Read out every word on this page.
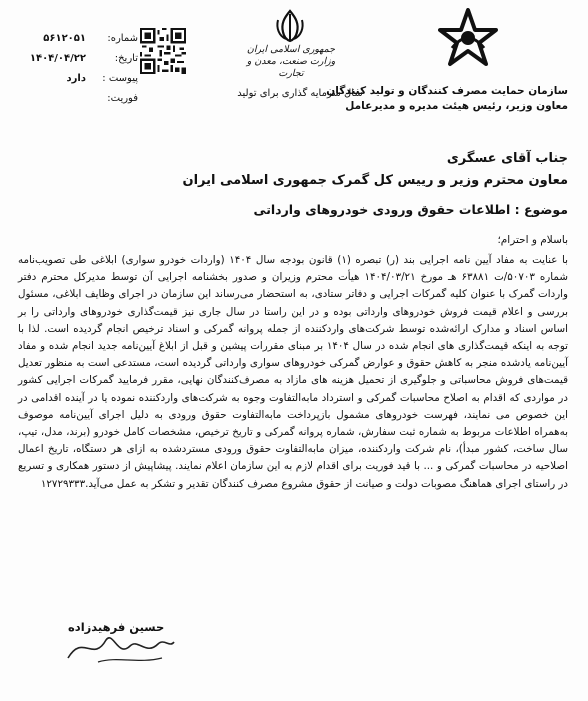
سازمان حمایت مصرف کنندگان و تولید کنندگان
معاون وزیر، رئیس هیئت مدیره و مدیرعامل
جمهوری اسلامی ایران
وزارت صنعت، معدن و تجارت
سال سرمایه گذاری برای تولید
شماره:
۵۶۱۲۰۵۱
تاریخ:
۱۴۰۴/۰۴/۲۲
پیوست :
دارد
فوریت:
جناب آقای عسگری
معاون محترم وزیر و رییس کل گمرک جمهوری اسلامی ایران
موضوع : اطلاعات حقوق ورودی خودروهای وارداتی
باسلام و احترام؛
با عنایت به مفاد آیین نامه اجرایی بند (ر) تبصره (۱) قانون بودجه سال ۱۴۰۴ (واردات خودرو سواری) ابلاغی طی تصویب‌نامه شماره ۵۰۷۰۳/ت ۶۳۸۸۱ هـ مورخ ۱۴۰۴/۰۳/۲۱ هیأت محترم وزیران و صدور بخشنامه اجرایی آن توسط مدیرکل محترم دفتر واردات گمرک با عنوان کلیه گمرکات اجرایی و دفاتر ستادی، به استحضار می‌رساند این سازمان در اجرای وظایف ابلاغی، مسئول بررسی و اعلام قیمت فروش خودروهای وارداتی بوده و در این راستا در سال جاری نیز قیمت‌گذاری خودروهای وارداتی را بر اساس اسناد و مدارک ارائه‌شده توسط شرکت‌های واردکننده از جمله پروانه گمرکی و اسناد ترخیص انجام گردیده است. لذا با توجه به اینکه قیمت‌گذاری های انجام شده در سال ۱۴۰۴ بر مبنای مقررات پیشین و قبل از ابلاغ آیین‌نامه جدید انجام شده و مفاد آیین‌نامه یادشده منجر به کاهش حقوق و عوارض گمرکی خودروهای سواری وارداتی گردیده است، مستدعی است به منظور تعدیل قیمت‌های فروش محاسباتی و جلوگیری از تحمیل هزینه های مازاد به مصرف‌کنندگان نهایی، مقرر فرمایید گمرکات اجرایی کشور در مواردی که اقدام به اصلاح محاسبات گمرکی و استرداد مابه‌التفاوت وجوه به شرکت‌های واردکننده نموده یا در آینده اقدامی در این خصوص می نمایند، فهرست خودروهای مشمول بازپرداخت مابه‌التفاوت حقوق ورودی به دلیل اجرای آیین‌نامه موصوف به‌همراه اطلاعات مربوط به شماره ثبت سفارش، شماره پروانه گمرکی و تاریخ ترخیص، مشخصات کامل خودرو (برند، مدل، تیپ، سال ساخت، کشور مبدأ)، نام شرکت واردکننده، میزان مابه‌التفاوت حقوق ورودی مستردشده به ازای هر دستگاه، تاریخ اعمال اصلاحیه در محاسبات گمرکی و ... با قید فوریت برای اقدام لازم به این سازمان اعلام نمایند. پیشاپیش از دستور همکاری و تسریع در راستای اجرای هماهنگ مصوبات دولت و صیانت از حقوق مشروع مصرف کنندگان تقدیر و تشکر به عمل می‌آید.۱۲۷۲۹۳۳۳
حسین فرهیدزاده
